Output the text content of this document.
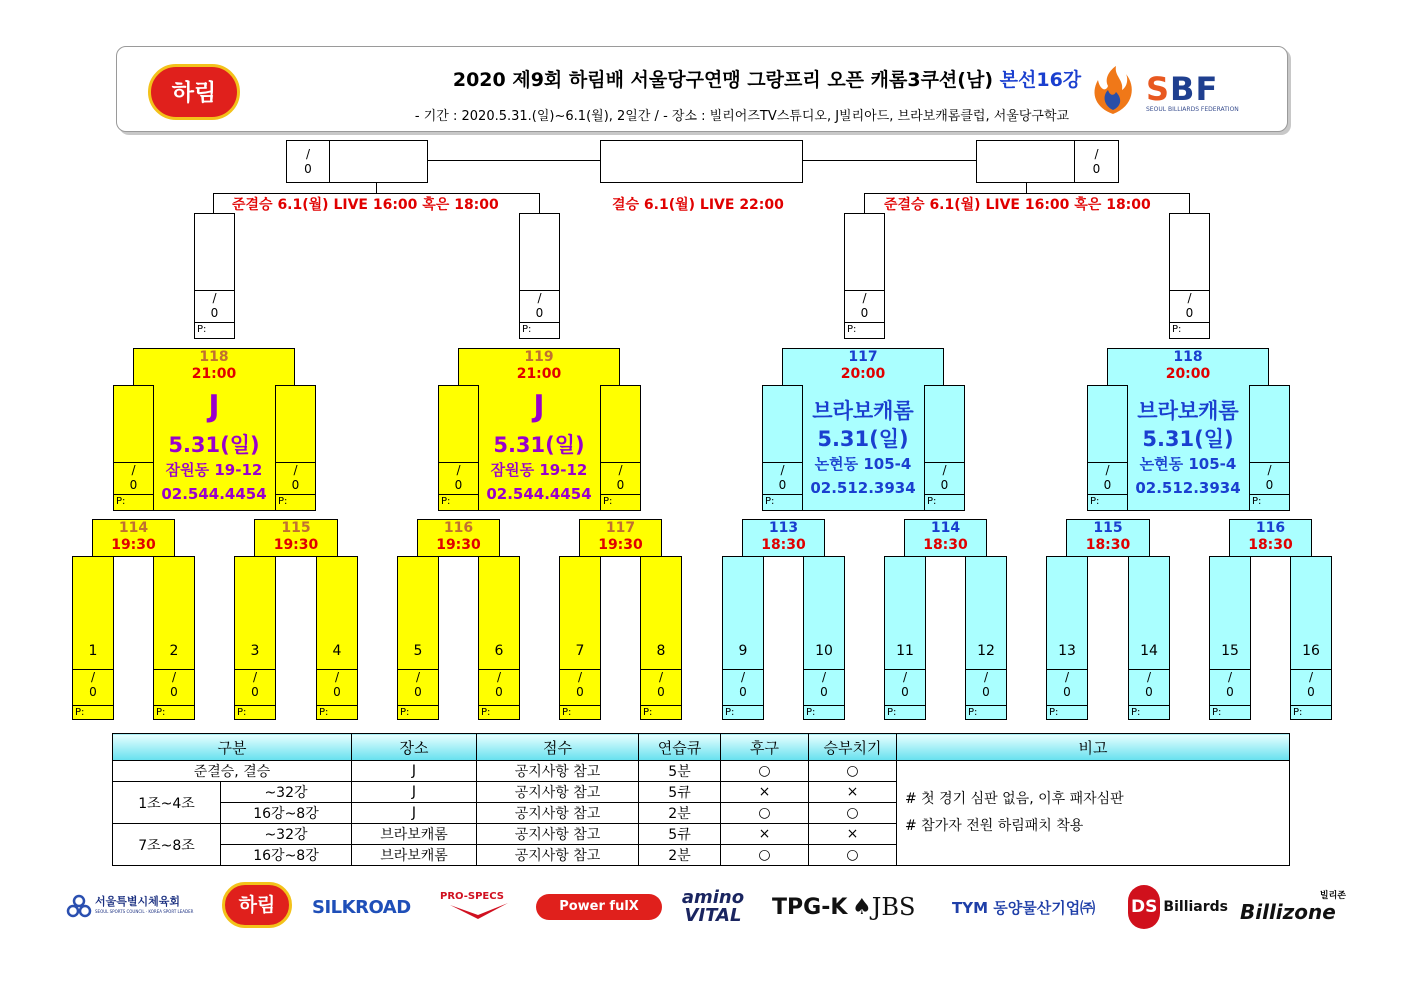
2020 제9회 하림배 서울당구연맹 그랑프리 오픈 캐롬3쿠션(남) 본선16강
- 기간 : 2020.5.31.(일)~6.1(월), 2일간 / - 장소 : 빌리어즈TV스튜디오, J빌리아드, 브라보캐롬클럽, 서울당구학교
하림	SBF
SEOUL BILLIARDS FEDERATION
1
/
0
P:
2
/
0
P:
3
/
0
P:
4
/
0
P:
5
/
0
P:
6
/
0
P:
7
/
0
P:
8
/
0
P:
9
/
0
P:
10
/
0
P:
11
/
0
P:
12
/
0
P:
13
/
0
P:
14
/
0
P:
15
/
0
P:
16
/
0
P:
114
19:30
115
19:30
116
19:30
117
19:30
113
18:30
114
18:30
115
18:30
116
18:30
118
21:00
J
5.31(일)
잠원동 19-12
02.544.4454
/
0
P:
/
0
P:
119
21:00
J
5.31(일)
잠원동 19-12
02.544.4454
/
0
P:
/
0
P:
117
20:00
브라보캐롬
5.31(일)
논현동 105-4
02.512.3934
/
0
P:
/
0
P:
118
20:00
브라보캐롬
5.31(일)
논현동 105-4
02.512.3934
/
0
P:
/
0
P:
/
0
P:
/
0
P:
/
0
P:
/
0
P:
준결승 6.1(월) LIVE 16:00 혹은 18:00	결승 6.1(월) LIVE 22:00	준결승 6.1(월) LIVE 16:00 혹은 18:00
/
0
/
0
구분		장소	점수	연습큐	후구	승부치기	비고
준결승, 결승		J	공지사항 참고	5분	○	○	# 첫 경기 심판 없음, 이후 패자심판
# 참가자 전원 하림패치 착용

1조~4조	~32강	J	공지사항 참고	5큐	×	×	
	16강~8강	J	공지사항 참고	2분	○	○	
7조~8조	~32강	브라보캐롬	공지사항 참고	5큐	×	×	
	16강~8강	브라보캐롬	공지사항 참고	2분	○	○	
서울특별시체육회
SEOUL SPORTS COUNCIL · KOREA SPORT LEADER	하림	SILKROAD	PRO-SPECS
Power fulX	amino VITAL TPG-K ♠ JBS TYM 동양물산기업㈜	DS Billiards
빌리존
Billizone
